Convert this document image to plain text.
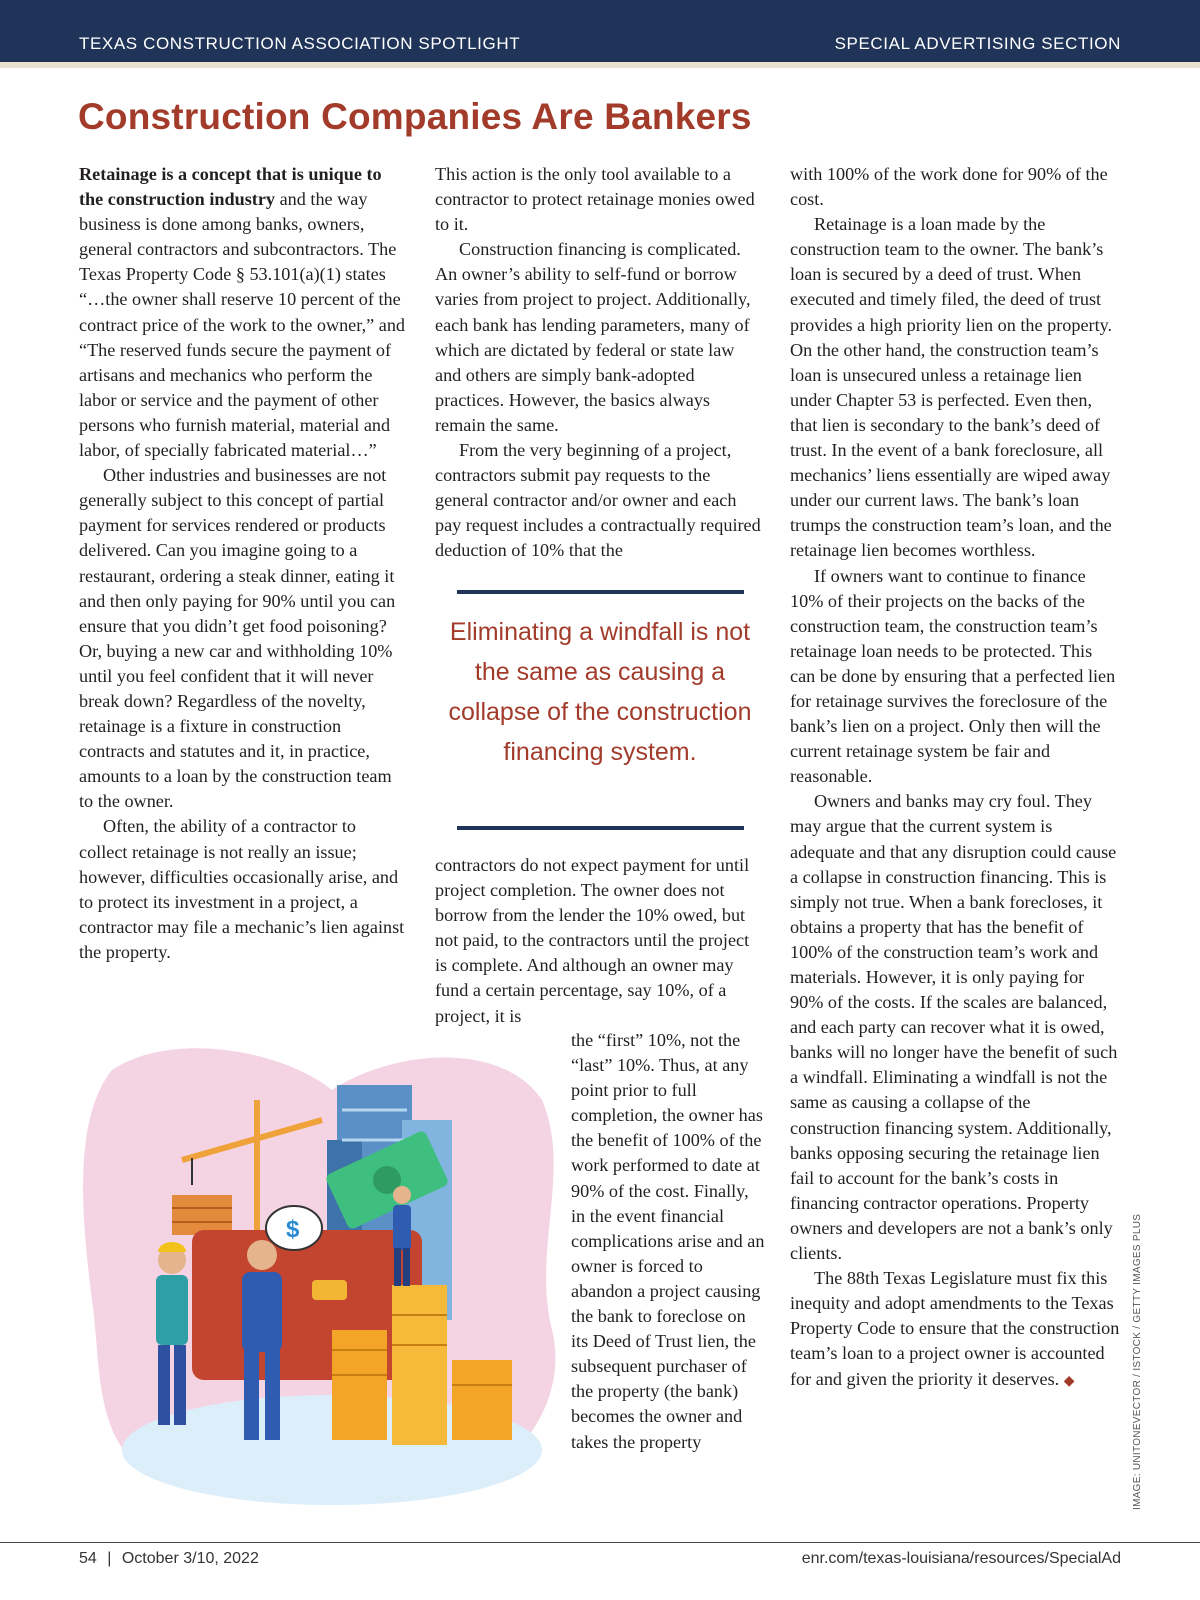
TEXAS CONSTRUCTION ASSOCIATION SPOTLIGHT	SPECIAL ADVERTISING SECTION
Construction Companies Are Bankers

Retainage is a concept that is unique to the construction industry and the way business is done among banks, owners, general contractors and subcontractors. The Texas Property Code § 53.101(a)(1) states “…the owner shall reserve 10 percent of the contract price of the work to the owner,” and “The reserved funds secure the payment of artisans and mechanics who perform the labor or service and the payment of other persons who furnish material, material and labor, of specially fabricated material…”

Other industries and businesses are not generally subject to this concept of partial payment for services rendered or products delivered. Can you imagine going to a restaurant, ordering a steak dinner, eating it and then only paying for 90% until you can ensure that you didn’t get food poisoning? Or, buying a new car and withholding 10% until you feel confident that it will never break down? Regardless of the novelty, retainage is a fixture in construction contracts and statutes and it, in practice, amounts to a loan by the construction team to the owner.

Often, the ability of a contractor to collect retainage is not really an issue; however, difficulties occasionally arise, and to protect its investment in a project, a contractor may file a mechanic’s lien against the property.

This action is the only tool available to a contractor to protect retainage monies owed to it.

Construction financing is complicated. An owner’s ability to self-fund or borrow varies from project to project. Additionally, each bank has lending parameters, many of which are dictated by federal or state law and others are simply bank-adopted practices. However, the basics always remain the same.

From the very beginning of a project, contractors submit pay requests to the general contractor and/or owner and each pay request includes a contractually required deduction of 10% that the

Eliminating a windfall is not the same as causing a collapse of the construction financing system.

contractors do not expect payment for until project completion. The owner does not borrow from the lender the 10% owed, but not paid, to the contractors until the project is complete. And although an owner may fund a certain percentage, say 10%, of a project, it is

the “first” 10%, not the “last” 10%. Thus, at any point prior to full completion, the owner has the benefit of 100% of the work performed to date at 90% of the cost. Finally, in the event financial complications arise and an owner is forced to abandon a project causing the bank to foreclose on its Deed of Trust lien, the subsequent purchaser of the property (the bank) becomes the owner and takes the property

with 100% of the work done for 90% of the cost.

Retainage is a loan made by the construction team to the owner. The bank’s loan is secured by a deed of trust. When executed and timely filed, the deed of trust provides a high priority lien on the property. On the other hand, the construction team’s loan is unsecured unless a retainage lien under Chapter 53 is perfected. Even then, that lien is secondary to the bank’s deed of trust. In the event of a bank foreclosure, all mechanics’ liens essentially are wiped away under our current laws. The bank’s loan trumps the construction team’s loan, and the retainage lien becomes worthless.

If owners want to continue to finance 10% of their projects on the backs of the construction team, the construction team’s retainage loan needs to be protected. This can be done by ensuring that a perfected lien for retainage survives the foreclosure of the bank’s lien on a project. Only then will the current retainage system be fair and reasonable.

Owners and banks may cry foul. They may argue that the current system is adequate and that any disruption could cause a collapse in construction financing. This is simply not true. When a bank forecloses, it obtains a property that has the benefit of 100% of the construction team’s work and materials. However, it is only paying for 90% of the costs. If the scales are balanced, and each party can recover what it is owed, banks will no longer have the benefit of such a windfall. Eliminating a windfall is not the same as causing a collapse of the construction financing system. Additionally, banks opposing securing the retainage lien fail to account for the bank’s costs in financing contractor operations. Property owners and developers are not a bank’s only clients.

The 88th Texas Legislature must fix this inequity and adopt amendments to the Texas Property Code to ensure that the construction team’s loan to a project owner is accounted for and given the priority it deserves. ◆

$	IMAGE: UNITONEVECTOR / ISTOCK / GETTY IMAGES PLUS
54 | October 3/10, 2022	enr.com/texas-louisiana/resources/SpecialAd
